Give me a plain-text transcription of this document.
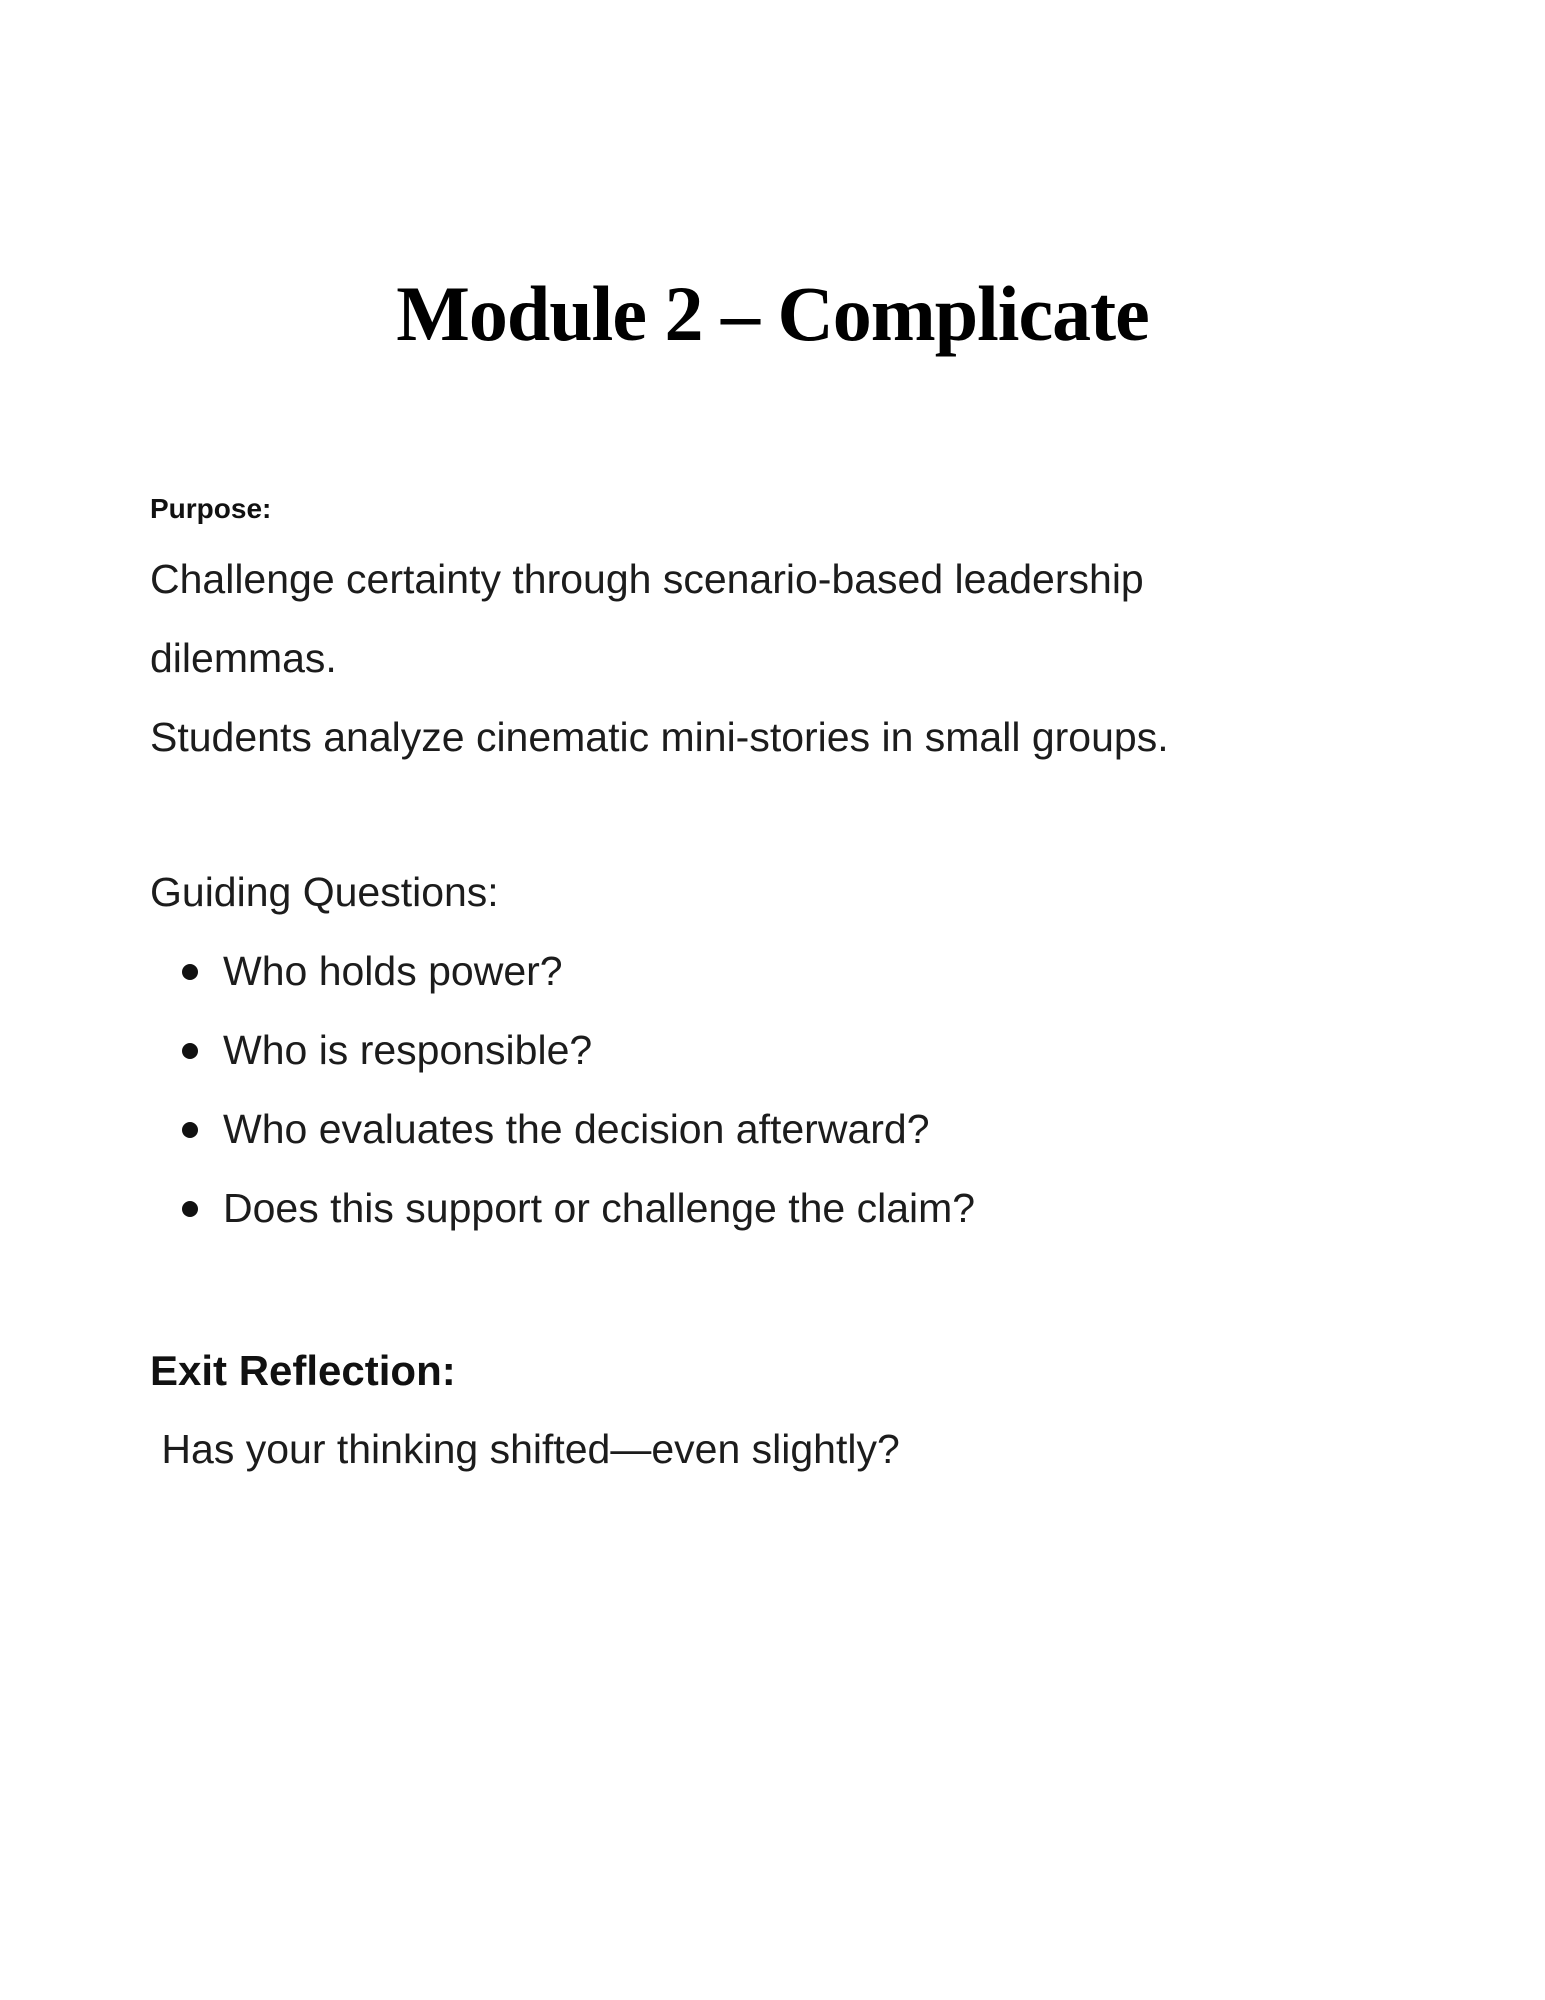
Module 2 – Complicate
Purpose:
Challenge certainty through scenario-based leadership
dilemmas.
Students analyze cinematic mini-stories in small groups.
Guiding Questions:
Who holds power?
Who is responsible?
Who evaluates the decision afterward?
Does this support or challenge the claim?
Exit Reflection:
Has your thinking shifted—even slightly?
